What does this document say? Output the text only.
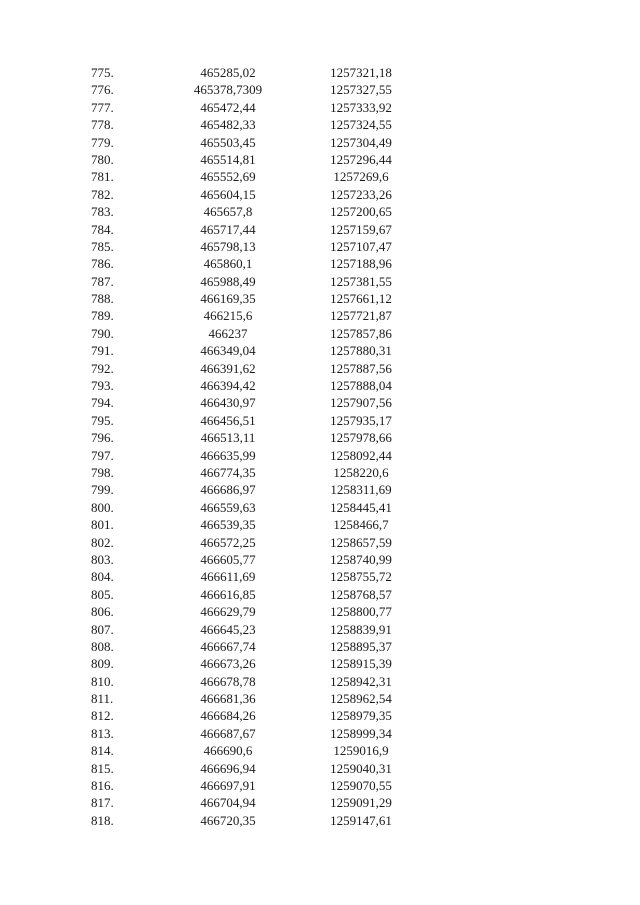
775.	465285,02	1257321,18
776.	465378,7309	1257327,55
777.	465472,44	1257333,92
778.	465482,33	1257324,55
779.	465503,45	1257304,49
780.	465514,81	1257296,44
781.	465552,69	1257269,6
782.	465604,15	1257233,26
783.	465657,8	1257200,65
784.	465717,44	1257159,67
785.	465798,13	1257107,47
786.	465860,1	1257188,96
787.	465988,49	1257381,55
788.	466169,35	1257661,12
789.	466215,6	1257721,87
790.	466237	1257857,86
791.	466349,04	1257880,31
792.	466391,62	1257887,56
793.	466394,42	1257888,04
794.	466430,97	1257907,56
795.	466456,51	1257935,17
796.	466513,11	1257978,66
797.	466635,99	1258092,44
798.	466774,35	1258220,6
799.	466686,97	1258311,69
800.	466559,63	1258445,41
801.	466539,35	1258466,7
802.	466572,25	1258657,59
803.	466605,77	1258740,99
804.	466611,69	1258755,72
805.	466616,85	1258768,57
806.	466629,79	1258800,77
807.	466645,23	1258839,91
808.	466667,74	1258895,37
809.	466673,26	1258915,39
810.	466678,78	1258942,31
811.	466681,36	1258962,54
812.	466684,26	1258979,35
813.	466687,67	1258999,34
814.	466690,6	1259016,9
815.	466696,94	1259040,31
816.	466697,91	1259070,55
817.	466704,94	1259091,29
818.	466720,35	1259147,61
